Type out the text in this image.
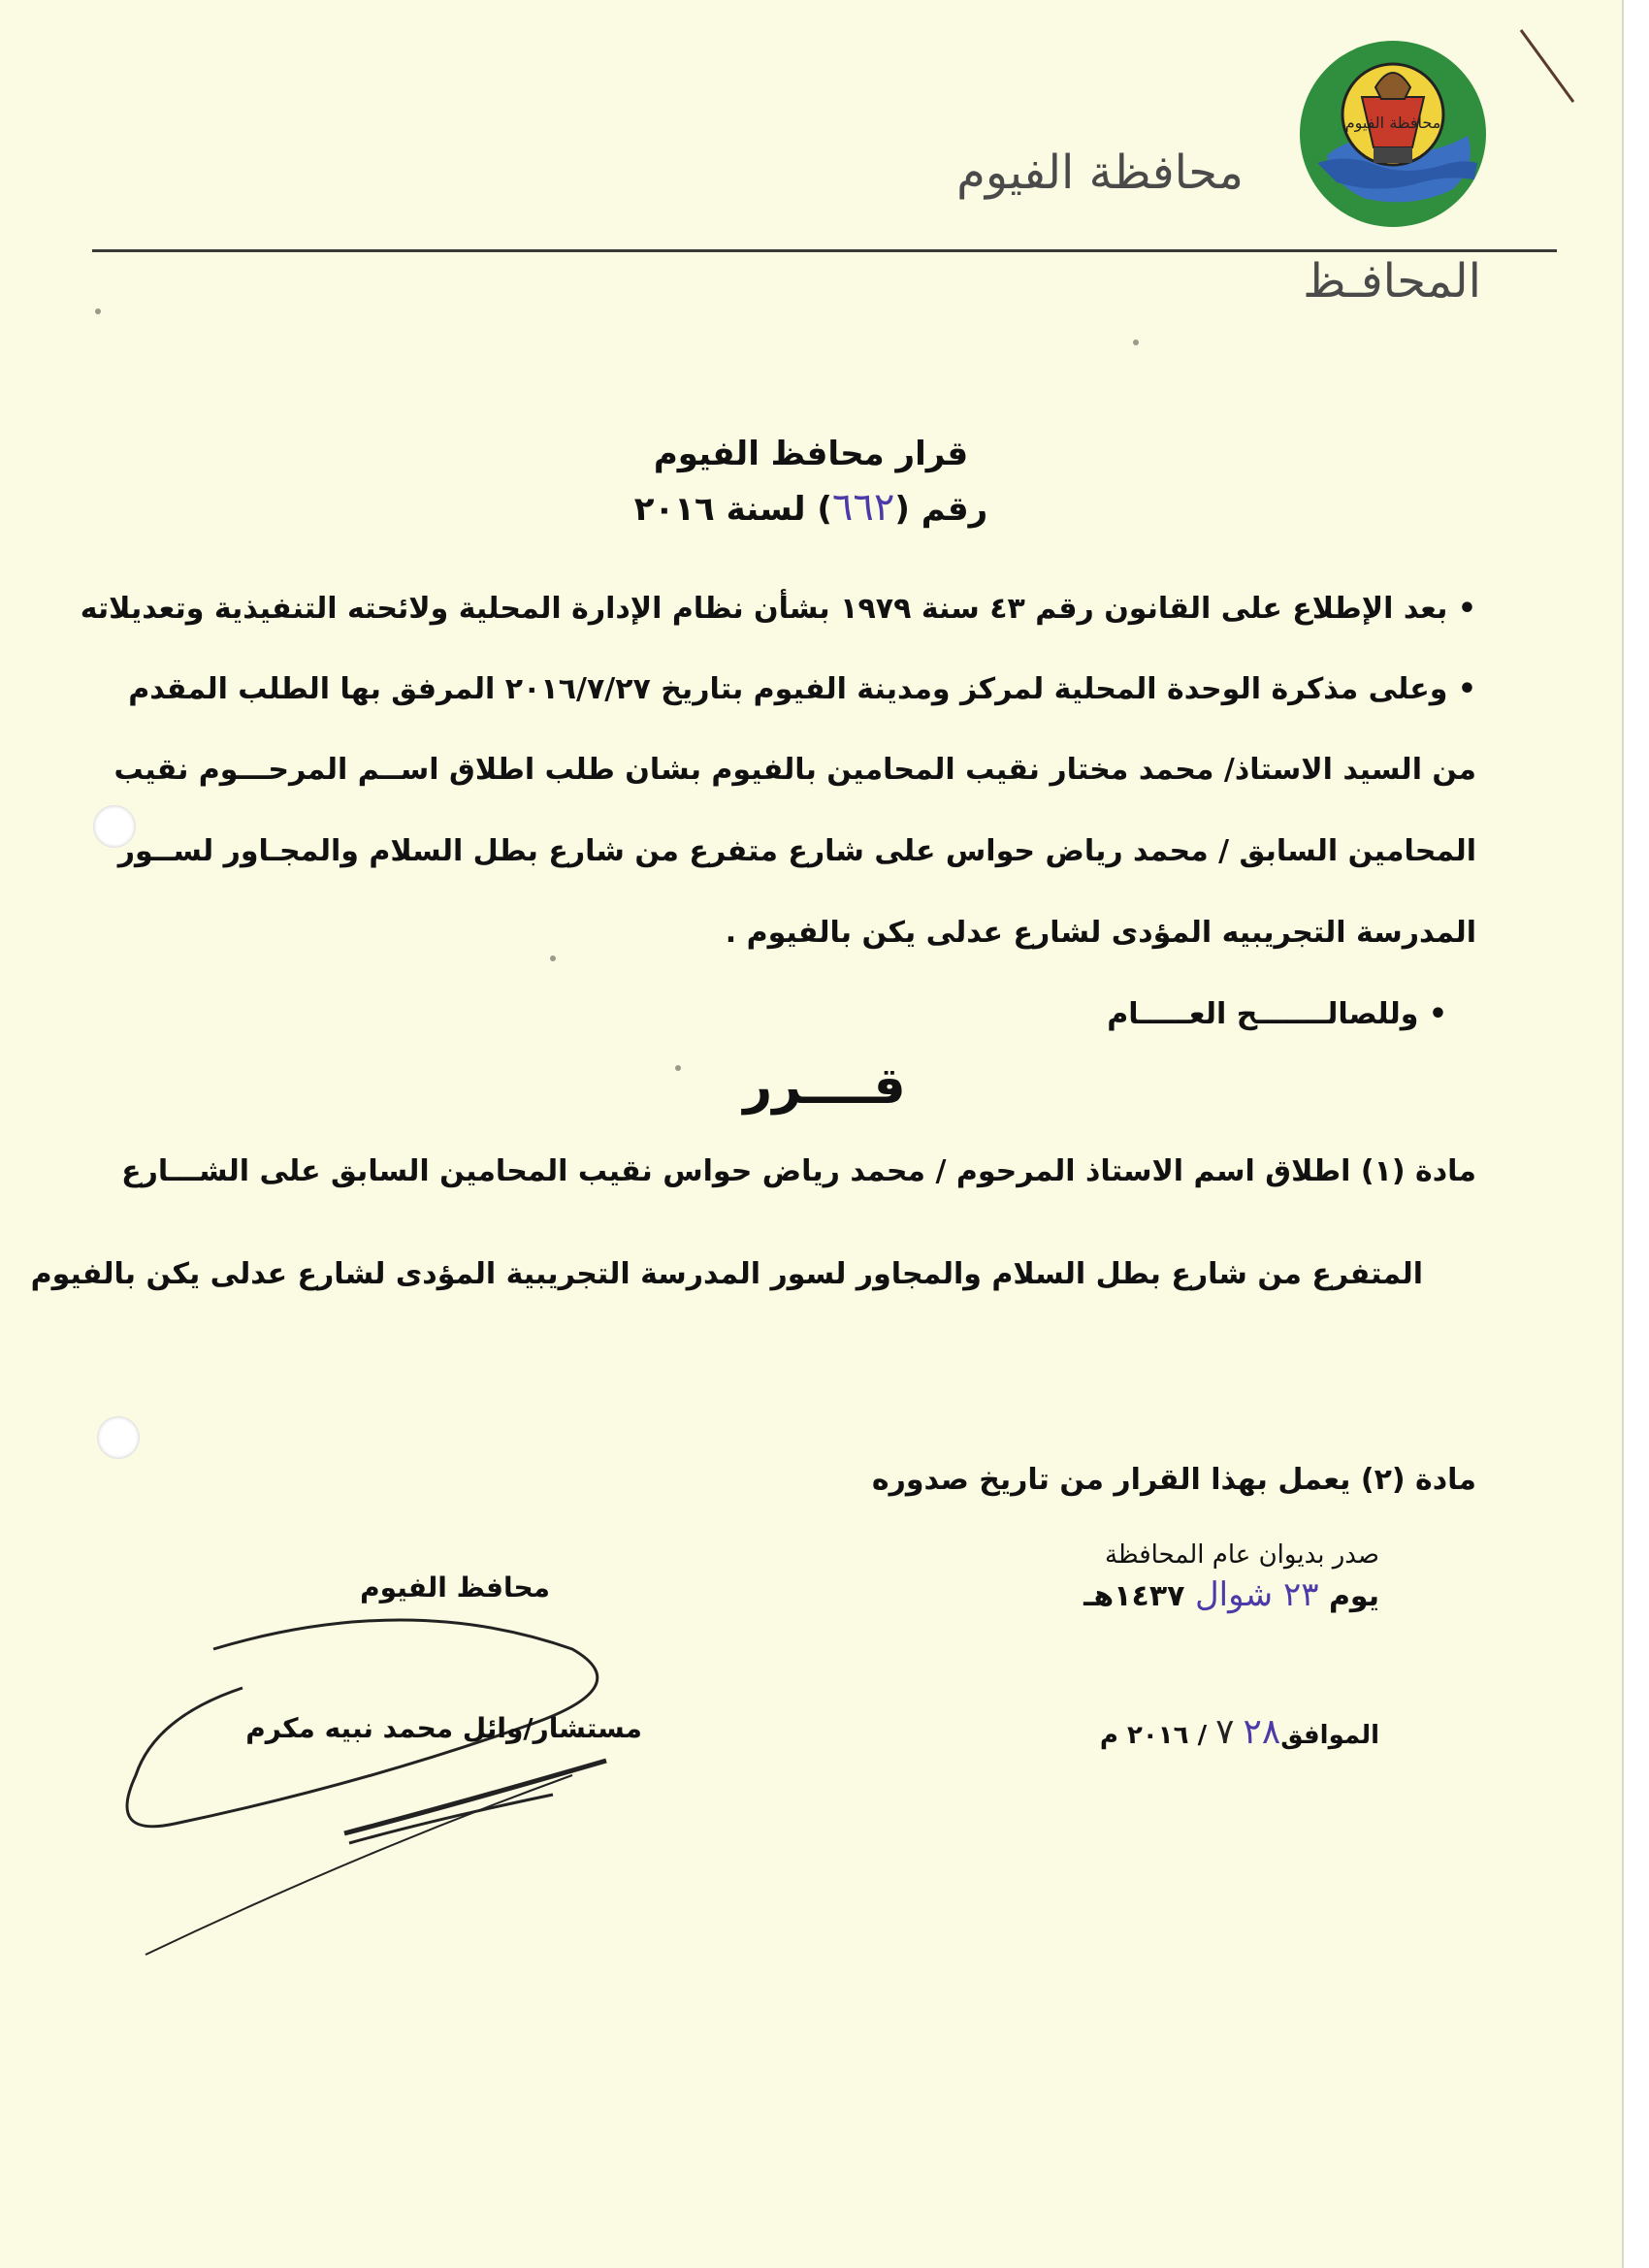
محافظة الفيوم
محافظة الفيوم
المحافـظ
قرار محافظ الفيوم
رقم (٦٦٢) لسنة ٢٠١٦
• بعد الإطلاع على القانون رقم ٤٣ سنة ١٩٧٩ بشأن نظام الإدارة المحلية ولائحته التنفيذية وتعديلاته
• وعلى مذكرة الوحدة المحلية لمركز ومدينة الفيوم بتاريخ ٢٠١٦/٧/٢٧ المرفق بها الطلب المقدم
من السيد الاستاذ/ محمد مختار نقيب المحامين بالفيوم بشان طلب اطلاق اســم المرحـــوم نقيب
المحامين السابق / محمد رياض حواس على شارع متفرع من شارع بطل السلام والمجـاور لســور
المدرسة التجريبيه المؤدى لشارع عدلى يكن بالفيوم .
• وللصالـــــــح العـــــام
قــــرر
مادة (١) اطلاق اسم الاستاذ المرحوم / محمد رياض حواس نقيب المحامين السابق على الشـــارع
المتفرع من شارع بطل السلام والمجاور لسور المدرسة التجريبية المؤدى لشارع عدلى يكن بالفيوم
مادة (٢) يعمل بهذا القرار من تاريخ صدوره
صدر بديوان عام المحافظة
يوم ٢٣ شوال ١٤٣٧هـ
الموافق٢٨ ٧ / ٢٠١٦ م
محافظ الفيوم
مستشار/وائل محمد نبيه مكرم
